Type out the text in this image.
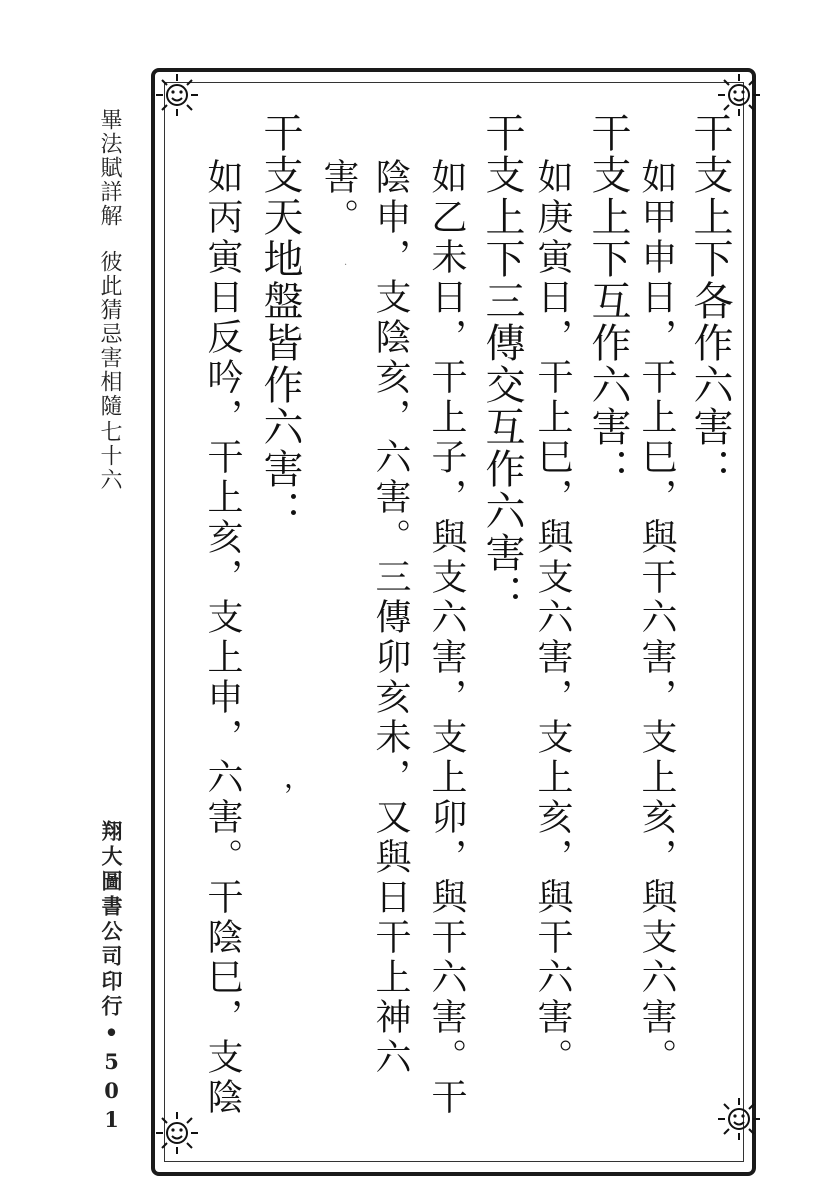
畢法賦詳解
彼此猜忌害相隨
七十六
翔大圖書公司印行•501
干支上下各作六害：
如甲申日，干上巳，與干六害，支上亥，與支六害。
干支上下互作六害：
如庚寅日，干上巳，與支六害，支上亥，與干六害。
干支上下三傳交互作六害：
如乙未日，干上子，與支六害，支上卯，與干六害。干
陰申，支陰亥，六害。三傳卯亥未，又與日干上神六
害。
干支天地盤皆作六害：
如丙寅日反吟，干上亥，支上申，六害。干陰巳，支陰 ，
·
